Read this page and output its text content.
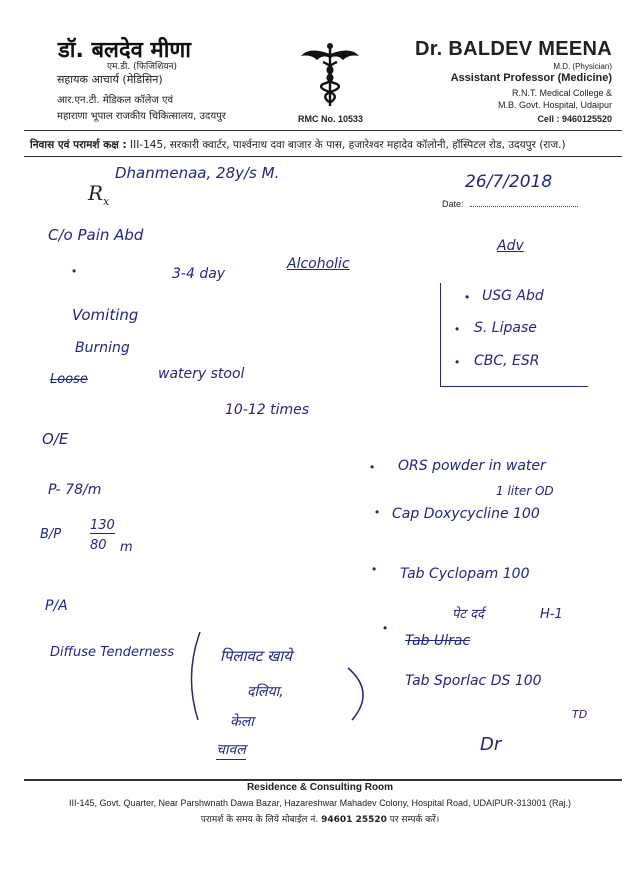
डॉ. बलदेव मीणा
एम.डी. (फिजिशियन)
सहायक आचार्य (मेडिसिन)
आर.एन.टी. मेडिकल कॉलेज एवं
महाराणा भूपाल राजकीय चिकित्सालय, उदयपुर	RMC No. 10533
Dr. BALDEV MEENA
M.D. (Physician)
Assistant Professor (Medicine)
R.N.T. Medical College &
M.B. Govt. Hospital, Udaipur
Cell : 9460125520
निवास एवं परामर्श कक्ष : III-145, सरकारी क्वार्टर, पार्श्वनाथ दवा बाजार के पास, हजारेश्वर महादेव कॉलोनी, हॉस्पिटल रोड, उदयपुर (राज.)
$R_x$	Date:
Dhanmenaa, 28y/s M.	26/7/2018
C/o Pain Abd
•	3-4 day
Alcoholic
Vomiting
Burning
Loose	watery stool
10-12 times
Adv
• USG Abd
• S. Lipase
• CBC, ESR
O/E
P- 78/m
B/P
130
80 m
P/A
Diffuse Tenderness	पिलावट खाये
दलिया,
केला
चावल
• ORS powder in water
1 liter OD
• Cap Doxycycline 100
• Tab Cyclopam 100
पेट दर्द	H-1
•
Tab Ulrac
Tab Sporlac DS 100
TD
Dr
Residence & Consulting Room
III-145, Govt. Quarter, Near Parshwnath Dawa Bazar, Hazareshwar Mahadev Colony, Hospital Road, UDAIPUR-313001 (Raj.)
परामर्श के समय के लिये मोबाईल नं. 94601 25520 पर सम्पर्क करें।
